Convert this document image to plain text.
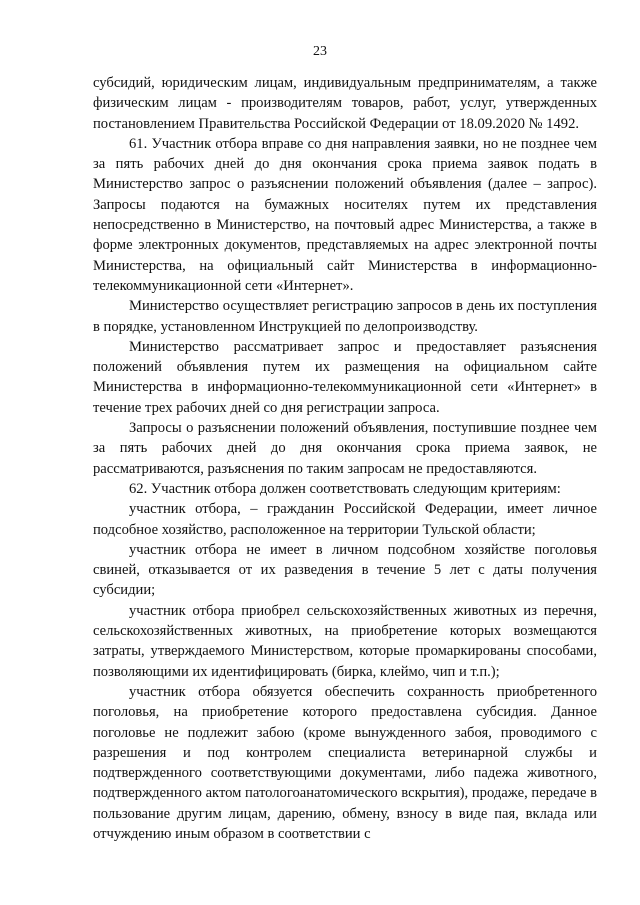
23

субсидий, юридическим лицам, индивидуальным предпринимателям, а также физическим лицам - производителям товаров, работ, услуг, утвержденных постановлением Правительства Российской Федерации от 18.09.2020 № 1492.

61. Участник отбора вправе со дня направления заявки, но не позднее чем за пять рабочих дней до дня окончания срока приема заявок подать в Министерство запрос о разъяснении положений объявления (далее – запрос). Запросы подаются на бумажных носителях путем их представления непосредственно в Министерство, на почтовый адрес Министерства, а также в форме электронных документов, представляемых на адрес электронной почты Министерства, на официальный сайт Министерства в информационно-телекоммуникационной сети «Интернет».

Министерство осуществляет регистрацию запросов в день их поступления в порядке, установленном Инструкцией по делопроизводству.

Министерство рассматривает запрос и предоставляет разъяснения положений объявления путем их размещения на официальном сайте Министерства в информационно-телекоммуникационной сети «Интернет» в течение трех рабочих дней со дня регистрации запроса.

Запросы о разъяснении положений объявления, поступившие позднее чем за пять рабочих дней до дня окончания срока приема заявок, не рассматриваются, разъяснения по таким запросам не предоставляются.

62. Участник отбора должен соответствовать следующим критериям:

участник отбора, – гражданин Российской Федерации, имеет личное подсобное хозяйство, расположенное на территории Тульской области;

участник отбора не имеет в личном подсобном хозяйстве поголовья свиней, отказывается от их разведения в течение 5 лет с даты получения субсидии;

участник отбора приобрел сельскохозяйственных животных из перечня, сельскохозяйственных животных, на приобретение которых возмещаются затраты, утверждаемого Министерством, которые промаркированы способами, позволяющими их идентифицировать (бирка, клеймо, чип и т.п.);

участник отбора обязуется обеспечить сохранность приобретенного поголовья, на приобретение которого предоставлена субсидия. Данное поголовье не подлежит забою (кроме вынужденного забоя, проводимого с разрешения и под контролем специалиста ветеринарной службы и подтвержденного соответствующими документами, либо падежа животного, подтвержденного актом патологоанатомического вскрытия), продаже, передаче в пользование другим лицам, дарению, обмену, взносу в виде пая, вклада или отчуждению иным образом в соответствии с
